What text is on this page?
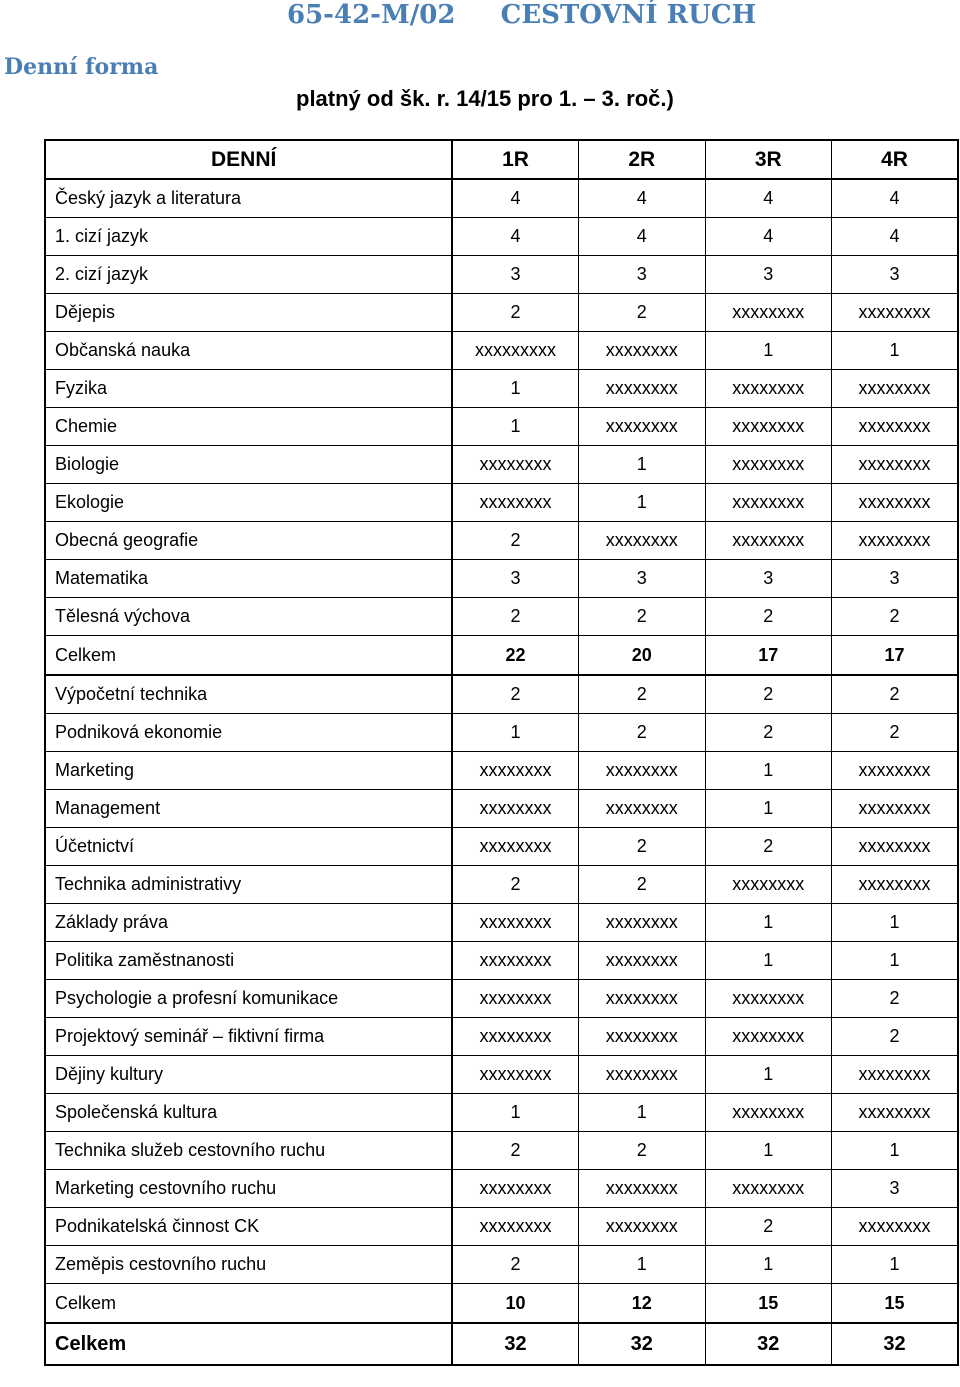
65-42-M/02     CESTOVNÍ RUCH
Denní forma
platný od šk. r. 14/15 pro 1. – 3. roč.)
DENNÍ	1R	2R	3R	4R
Český jazyk a literatura	4	4	4	4
1. cizí jazyk	4	4	4	4
2. cizí jazyk	3	3	3	3
Dějepis	2	2	xxxxxxxx	xxxxxxxx
Občanská nauka	xxxxxxxxx	xxxxxxxx	1	1
Fyzika	1	xxxxxxxx	xxxxxxxx	xxxxxxxx
Chemie	1	xxxxxxxx	xxxxxxxx	xxxxxxxx
Biologie	xxxxxxxx	1	xxxxxxxx	xxxxxxxx
Ekologie	xxxxxxxx	1	xxxxxxxx	xxxxxxxx
Obecná geografie	2	xxxxxxxx	xxxxxxxx	xxxxxxxx
Matematika	3	3	3	3
Tělesná výchova	2	2	2	2
Celkem	22	20	17	17
Výpočetní technika	2	2	2	2
Podniková ekonomie	1	2	2	2
Marketing	xxxxxxxx	xxxxxxxx	1	xxxxxxxx
Management	xxxxxxxx	xxxxxxxx	1	xxxxxxxx
Účetnictví	xxxxxxxx	2	2	xxxxxxxx
Technika administrativy	2	2	xxxxxxxx	xxxxxxxx
Základy práva	xxxxxxxx	xxxxxxxx	1	1
Politika zaměstnanosti	xxxxxxxx	xxxxxxxx	1	1
Psychologie a profesní komunikace	xxxxxxxx	xxxxxxxx	xxxxxxxx	2
Projektový seminář – fiktivní firma	xxxxxxxx	xxxxxxxx	xxxxxxxx	2
Dějiny kultury	xxxxxxxx	xxxxxxxx	1	xxxxxxxx
Společenská kultura	1	1	xxxxxxxx	xxxxxxxx
Technika služeb cestovního ruchu	2	2	1	1
Marketing cestovního ruchu	xxxxxxxx	xxxxxxxx	xxxxxxxx	3
Podnikatelská činnost CK	xxxxxxxx	xxxxxxxx	2	xxxxxxxx
Zeměpis cestovního ruchu	2	1	1	1
Celkem	10	12	15	15
Celkem	32	32	32	32
